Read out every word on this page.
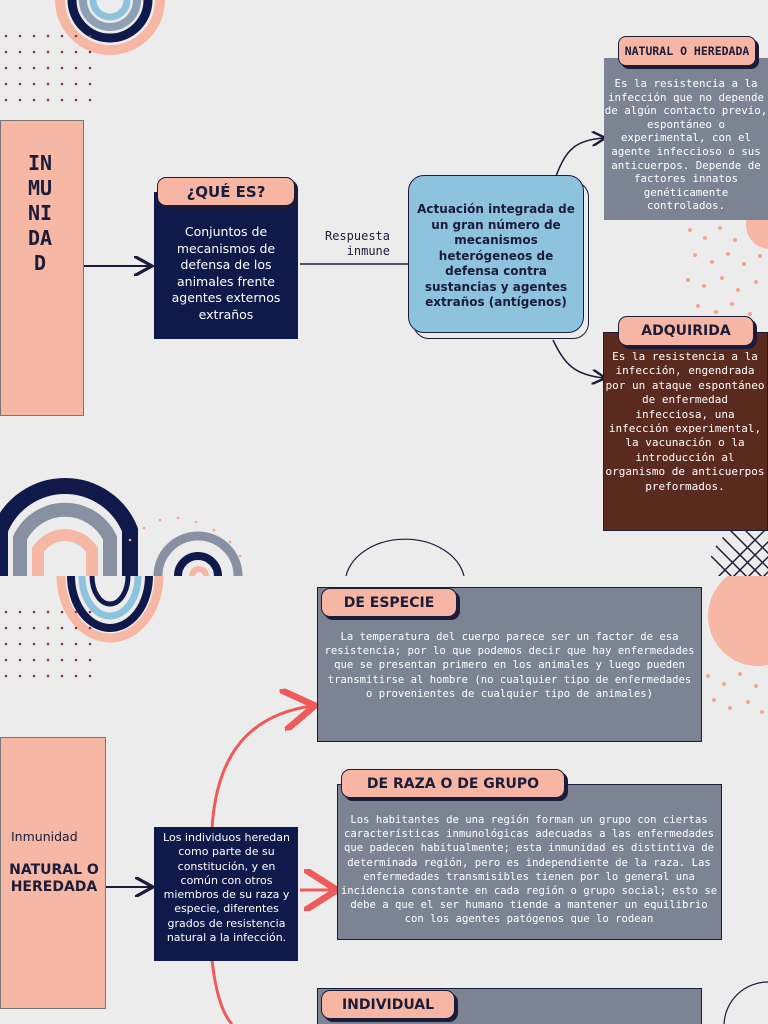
INMUNIDAD
¿QUÉ ES?
Conjuntos de mecanismos de defensa de los animales frente agentes externos extraños
Respuesta inmune
Actuación integrada de un gran número de mecanismos heterógeneos de defensa contra sustancias y agentes extraños (antígenos)
NATURAL O HEREDADA
Es la resistencia a la infección que no depende de algún contacto previo, espontáneo o experimental, con el agente infeccioso o sus anticuerpos. Depende de factores innatos genéticamente controlados.
ADQUIRIDA
Es la resistencia a la infección, engendrada por un ataque espontáneo de enfermedad infecciosa, una infección experimental, la vacunación o la introducción al organismo de anticuerpos preformados.
Inmunidad
NATURAL O HEREDADA
Los individuos heredan como parte de su constitución, y en común con otros miembros de su raza y especie, diferentes grados de resistencia natural a la infección.
DE ESPECIE
La temperatura del cuerpo parece ser un factor de esa resistencia; por lo que podemos decir que hay enfermedades que se presentan primero en los animales y luego pueden transmitirse al hombre (no cualquier tipo de enfermedades o provenientes de cualquier tipo de animales)
DE RAZA O DE GRUPO
Los habitantes de una región forman un grupo con ciertas características inmunológicas adecuadas a las enfermedades que padecen habitualmente; esta inmunidad es distintiva de determinada región, pero es independiente de la raza. Las enfermedades transmisibles tienen por lo general una incidencia constante en cada región o grupo social; esto se debe a que el ser humano tiende a mantener un equilibrio con los agentes patógenos que lo rodean
INDIVIDUAL
